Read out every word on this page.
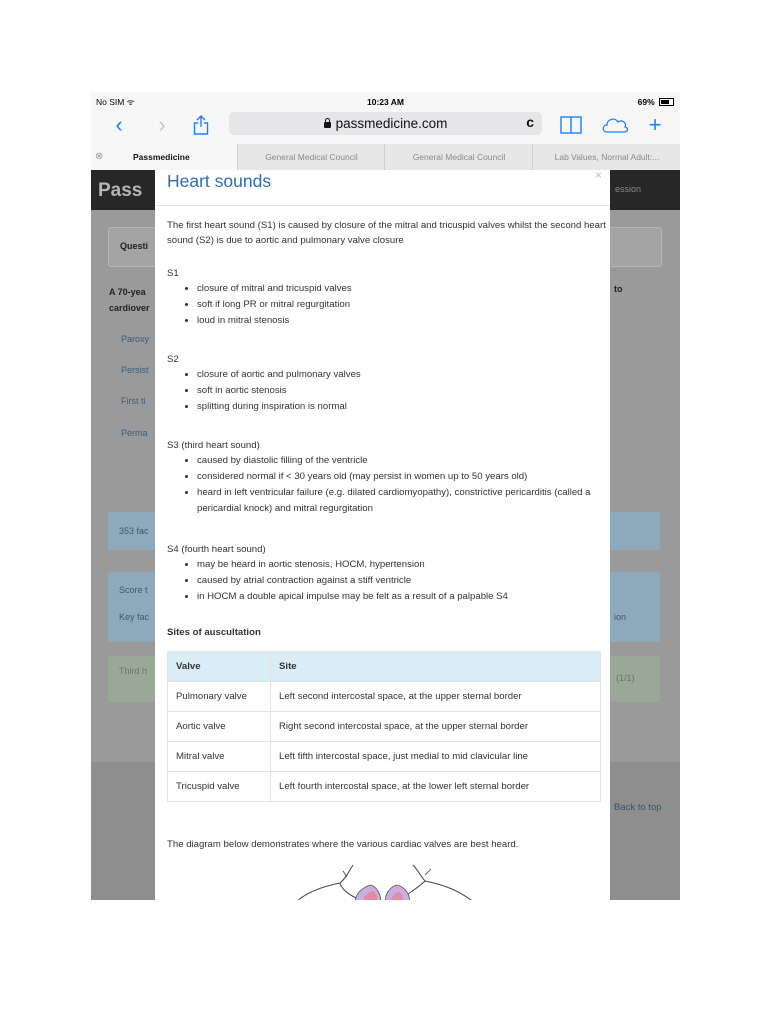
No SIM ᯤ	10:23 AM	69%
‹	›	passmedicine.com	c	+
⊗	Passmedicine	General Medical Council	General Medical Council	Lab Values, Normal Adult:...
Pass	ession
Questi
A 70-yea
cardiover
to
Paroxy
Persist
First ti
Perma
353 fac
Score t
Key fac	ion
Third h
(1/1)
Back to top
×
Heart sounds

The first heart sound (S1) is caused by closure of the mitral and tricuspid valves whilst the second heart sound (S2) is due to aortic and pulmonary valve closure

S1

• closure of mitral and tricuspid valves
• soft if long PR or mitral regurgitation
• loud in mitral stenosis

S2

• closure of aortic and pulmonary valves
• soft in aortic stenosis
• splitting during inspiration is normal

S3 (third heart sound)

• caused by diastolic filling of the ventricle
• considered normal if < 30 years old (may persist in women up to 50 years old)
• heard in left ventricular failure (e.g. dilated cardiomyopathy), constrictive pericarditis (called a pericardial knock) and mitral regurgitation

S4 (fourth heart sound)

• may be heard in aortic stenosis, HOCM, hypertension
• caused by atrial contraction against a stiff ventricle
• in HOCM a double apical impulse may be felt as a result of a palpable S4
Sites of auscultation
Valve	Site
Pulmonary valve	Left second intercostal space, at the upper sternal border
Aortic valve	Right second intercostal space, at the upper sternal border
Mitral valve	Left fifth intercostal space, just medial to mid clavicular line
Tricuspid valve	Left fourth intercostal space, at the lower left sternal border

The diagram below demonstrates where the various cardiac valves are best heard.
